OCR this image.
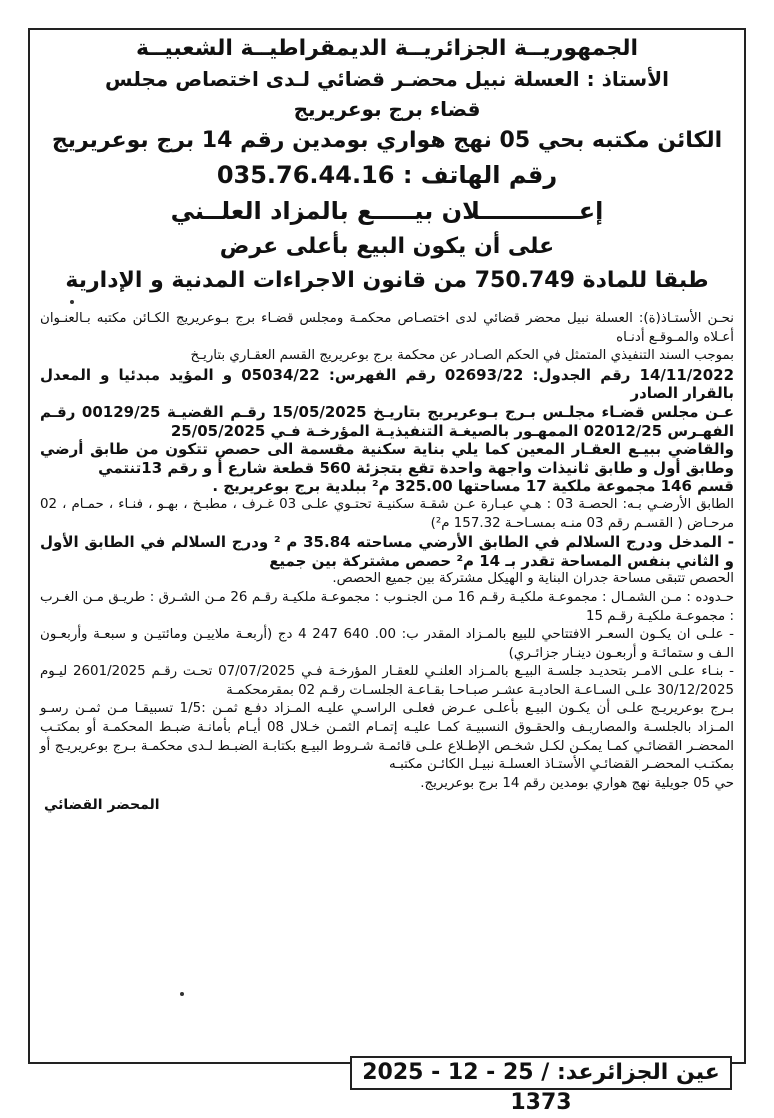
الجمهوريــة الجزائريــة الديمقراطيــة الشعبيــة
الأستاذ : العسلة نبيل محضـر قضائي لـدى اختصاص مجلس
قضاء برج بوعريريج
الكائن مكتبه بحي 05 نهج هواري بومدين رقم 14 برج بوعريريج
رقم الهاتف : 035.76.44.16
إعــــــــــــلان بيـــــع بالمزاد العلــني
على أن يكون البيع بأعلى عرض
طبقا للمادة 750.749 من قانون الاجراءات المدنية و الإدارية

نحـن الأستـاذ(ة): العسلة نبيل محضر قضائي لدى اختصـاص محكمـة ومجلس قضـاء برج بـوعريريج الكـائن مكتبه بـالعنـوان أعـلاه والمـوقـع أدنـاه

بموجب السند التنفيذي المتمثل في الحكم الصـادر عن محكمة برج بوعريريج القسم العقـاري بتاريـخ

14/11/2022 رقم الجدول: 02693/22 رقم الفهرس: 05034/22 و المؤيد مبدئيا و المعدل بالقرار الصادر

عـن مجلس قضـاء مجلـس بـرج بـوعريريج بتاريـخ 15/05/2025 رقـم القضيـة 00129/25 رقـم الفهـرس 02012/25 الممهـور بالصيغـة التنفيذيـة المؤرخـة فـي 25/05/2025

والقاضي ببيـع العقـار المعين كما يلي بناية سكنية مقسمة الى حصص تتكون من طابق أرضي وطابق أول و طابق ثانيذات واجهة واحدة تقع بتجزئة 560 قطعة شارع أ و رقم 13تنتمي

قسم 146 مجموعة ملكية 17 مساحتها 325.00 م² ببلدية برج بوعريريج .

الطابق الأرضـي بـه: الحصـة 03 : هـي عبـارة عـن شقـة سكنيـة تحتـوي علـى 03 غـرف ، مطبـخ ، بهـو ، فنـاء ، حمـام ، 02 مرحـاض ( القسـم رقم 03 منـه بمسـاحـة 157.32 م²)

- المدخل ودرج السلالم في الطابق الأرضي مساحته 35.84 م ² ودرج السلالم في الطابق الأول و الثاني بنفس المساحة تقدر بـ 14 م² حصص مشتركة بين جميع

الحصص تتبقى مساحة جدران البناية و الهيكل مشتركة بين جميع الحصص.

حـدوده : مـن الشمـال : مجموعـة ملكيـة رقـم 16 مـن الجنـوب : مجموعـة ملكيـة رقـم 26 مـن الشـرق : طريـق مـن الغـرب : مجموعـة ملكيـة رقـم 15

- علـى ان يكـون السعـر الافتتاحي للبيع بالمـزاد المقدر ب: 00. 640 247 4 دج (أربعـة ملاييـن ومائتيـن و سبعـة وأربعـون الـف و ستمائـة و أربعـون دينـار جزائـري)

- بنـاء علـى الامـر بتحديـد جلسـة البيـع بالمـزاد العلنـي للعقـار المؤرخـة فـي 07/07/2025 تحـت رقـم 2601/2025 ليـوم 30/12/2025 علـى السـاعـة الحاديـة عشـر صبـاحـا بقـاعـة الجلسـات رقـم 02 بمقرمحكمـة

بـرج بوعريريـج علـى أن يكـون البيـع بأعلـى عـرض فعلـى الراسـي عليـه المـزاد دفـع ثمـن :1/5 تسبيقـا مـن ثمـن رسـو المـزاد بالجلسـة والمصاريـف والحقـوق النسبيـة كمـا عليـه إتمـام الثمـن خـلال 08 أيـام بأمانـة ضبـط المحكمـة أو بمكتـب المحضـر القضائـي كمـا يمكـن لكـل شخـص الإطـلاع علـى قائمـة شـروط البيـع بكتابـة الضبـط لـدى محكمـة بـرج بوعريريـج أو بمكتـب المحضـر القضائـي الأستـاذ العسلـة نبيـل الكائـن مكتبـه

حي 05 جويلية نهج هواري بومدين رقم 14 برج بوعريريج.

المحضر القضائي
عين الجزائرعد: 2025 - 12 - 25 / 1373
